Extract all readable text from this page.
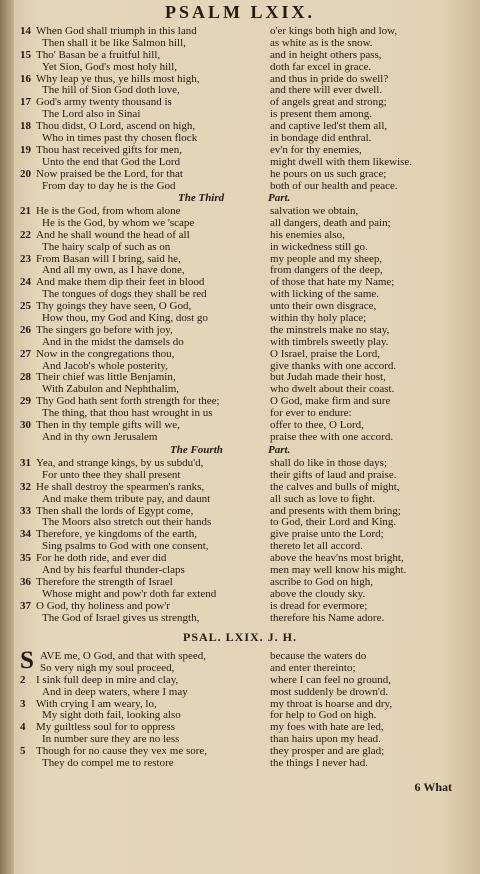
PSALM LXIX.
14 When God shall triumph in this land	o'er kings both high and low,
Then shall it be like Salmon hill,	as white as is the snow.
15 Tho' Basan be a fruitful hill,	and in height others pass,
Yet Sion, God's most holy hill,	doth far excel in grace.
16 Why leap ye thus, ye hills most high,	and thus in pride do swell?
The hill of Sion God doth love,	and there will ever dwell.
17 God's army twenty thousand is	of angels great and strong;
The Lord also in Sinai	is present them among.
18 Thou didst, O Lord, ascend on high,	and captive led'st them all,
Who in times past thy chosen flock	in bondage did enthral.
19 Thou hast received gifts for men,	ev'n for thy enemies,
Unto the end that God the Lord	might dwell with them likewise.
20 Now praised be the Lord, for that	he pours on us such grace;
From day to day he is the God	both of our health and peace.
The Third	Part.
21 He is the God, from whom alone	salvation we obtain,
He is the God, by whom we 'scape	all dangers, death and pain;
22 And he shall wound the head of all	his enemies also,
The hairy scalp of such as on	in wickedness still go.
23 From Basan will I bring, said he,	my people and my sheep,
And all my own, as I have done,	from dangers of the deep,
24 And make them dip their feet in blood	of those that hate my Name;
The tongues of dogs they shall be red	with licking of the same.
25 Thy goings they have seen, O God,	unto their own disgrace,
How thou, my God and King, dost go	within thy holy place;
26 The singers go before with joy,	the minstrels make no stay,
And in the midst the damsels do	with timbrels sweetly play.
27 Now in the congregations thou,	O Israel, praise the Lord,
And Jacob's whole posterity,	give thanks with one accord.
28 Their chief was little Benjamin,	but Judah made their host,
With Zabulon and Nephthalim,	who dwelt about their coast.
29 Thy God hath sent forth strength for thee;	O God, make firm and sure
The thing, that thou hast wrought in us	for ever to endure:
30 Then in thy temple gifts will we,	offer to thee, O Lord,
And in thy own Jerusalem	praise thee with one accord.
The Fourth	Part.
31 Yea, and strange kings, by us subdu'd,	shall do like in those days;
For unto thee they shall present	their gifts of laud and praise.
32 He shall destroy the spearmen's ranks,	the calves and bulls of might,
And make them tribute pay, and daunt	all such as love to fight.
33 Then shall the lords of Egypt come,	and presents with them bring;
The Moors also stretch out their hands	to God, their Lord and King.
34 Therefore, ye kingdoms of the earth,	give praise unto the Lord;
Sing psalms to God with one consent,	thereto let all accord.
35 For he doth ride, and ever did	above the heav'ns most bright,
And by his fearful thunder-claps	men may well know his might.
36 Therefore the strength of Israel	ascribe to God on high,
Whose might and pow'r doth far extend	above the cloudy sky.
37 O God, thy holiness and pow'r	is dread for evermore;
The God of Israel gives us strength,	therefore his Name adore.
PSAL. LXIX. J. H.
S AVE me, O God, and that with speed,	because the waters do
So very nigh my soul proceed,	and enter thereinto;
2 I sink full deep in mire and clay,	where I can feel no ground,
And in deep waters, where I may	most suddenly be drown'd.
3 With crying I am weary, lo,	my throat is hoarse and dry,
My sight doth fail, looking also	for help to God on high.
4 My guiltless soul for to oppress	my foes with hate are led,
In number sure they are no less	than hairs upon my head.
5 Though for no cause they vex me sore,	they prosper and are glad;
They do compel me to restore	the things I never had.
6 What
